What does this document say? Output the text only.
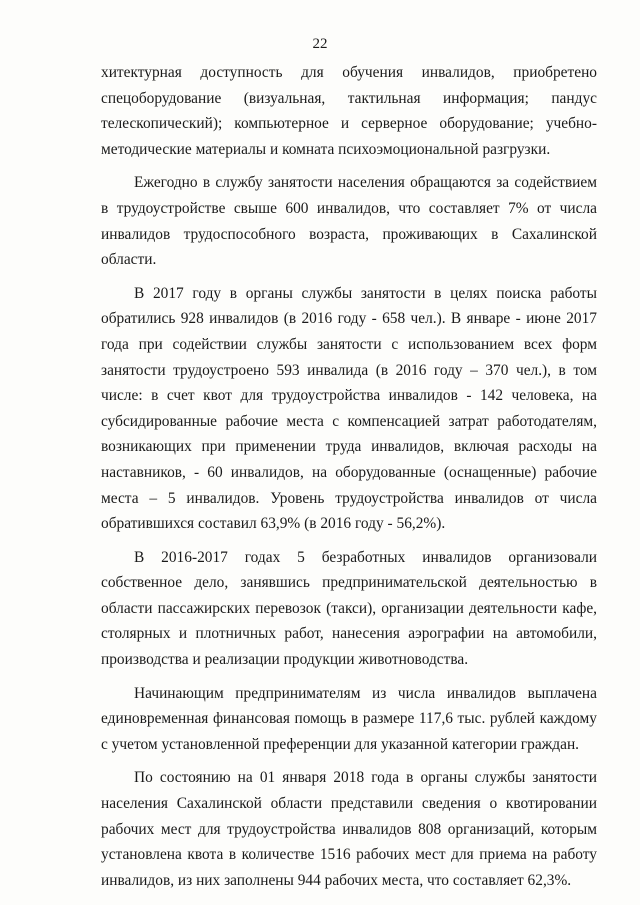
22

хитектурная доступность для обучения инвалидов, приобретено спецоборудование (визуальная, тактильная информация; пандус телескопический); компьютерное и серверное оборудование; учебно-методические материалы и комната психоэмоциональной разгрузки.

Ежегодно в службу занятости населения обращаются за содействием в трудоустройстве свыше 600 инвалидов, что составляет 7% от числа инвалидов трудоспособного возраста, проживающих в Сахалинской области.

В 2017 году в органы службы занятости в целях поиска работы обратились 928 инвалидов (в 2016 году - 658 чел.). В январе - июне 2017 года при содействии службы занятости с использованием всех форм занятости трудоустроено 593 инвалида (в 2016 году – 370 чел.), в том числе: в счет квот для трудоустройства инвалидов - 142 человека, на субсидированные рабочие места с компенсацией затрат работодателям, возникающих при применении труда инвалидов, включая расходы на наставников, - 60 инвалидов, на оборудованные (оснащенные) рабочие места – 5 инвалидов. Уровень трудоустройства инвалидов от числа обратившихся составил 63,9% (в 2016 году - 56,2%).

В 2016-2017 годах 5 безработных инвалидов организовали собственное дело, занявшись предпринимательской деятельностью в области пассажирских перевозок (такси), организации деятельности кафе, столярных и плотничных работ, нанесения аэрографии на автомобили, производства и реализации продукции животноводства.

Начинающим предпринимателям из числа инвалидов выплачена единовременная финансовая помощь в размере 117,6 тыс. рублей каждому с учетом установленной преференции для указанной категории граждан.

По состоянию на 01 января 2018 года в органы службы занятости населения Сахалинской области представили сведения о квотировании рабочих мест для трудоустройства инвалидов 808 организаций, которым установлена квота в количестве 1516 рабочих мест для приема на работу инвалидов, из них заполнены 944 рабочих места, что составляет 62,3%.
